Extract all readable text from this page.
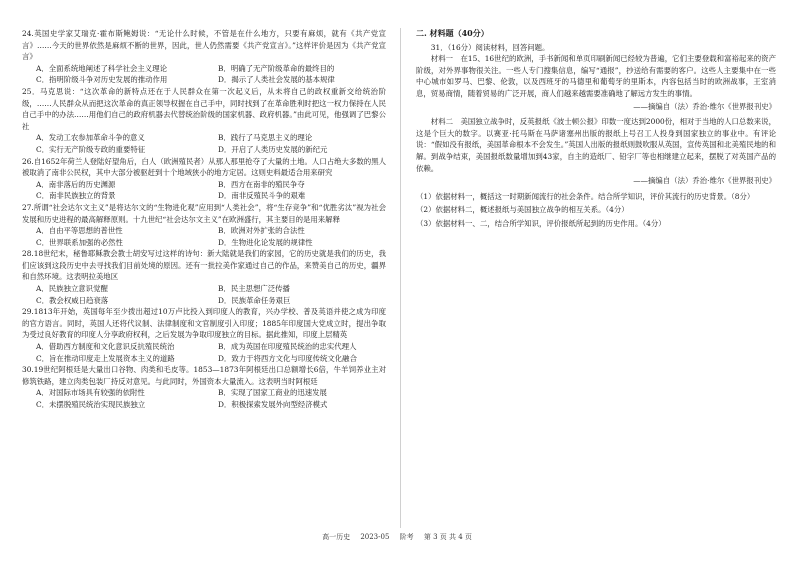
24.英国史学家艾瑞克·霍布斯鲍姆说：“无论什么时候，不管是在什么地方，只要有麻烦，就有《共产党宣言》……今天的世界依然是麻烦不断的世界，因此，世人仍然需要《共产党宣言》。”这样评价是因为《共产党宣言》

A．全面系统地阐述了科学社会主义理论	B．明确了无产阶级革命的最终目的
C．指明阶级斗争对历史发展的推动作用	D．揭示了人类社会发展的基本规律

25．马克思说：“这次革命的新特点还在于人民群众在第一次起义后，从未将自己的政权重新交给统治阶级，……人民群众从而把这次革命的真正领导权握在自己手中，同时找到了在革命胜利时把这一权力保持在人民自己手中的办法……用他们自己的政府机器去代替统治阶级的国家机器、政府机器。”由此可见，他强调了巴黎公社

A．发动工农参加革命斗争的意义	B．践行了马克思主义的理论
C．实行无产阶级专政的重要特征	D．开启了人类历史发展的新纪元

26.自1652年荷兰人登陆好望角后，白人（欧洲殖民者）从那人那里抢夺了大量的土地。人口占绝大多数的黑人被取消了南非公民权，其中大部分被驱赶到十个地域狭小的地方定居。这则史料最适合用来研究

A．南非落后的历史渊源	B．西方在南非的殖民争夺
C．南非民族独立的背景	D．南非反殖民斗争的艰难

27.所谓“社会达尔文主义”是将达尔文的“生物进化观”应用到“人类社会”，将“生存竞争”和“优胜劣汰”视为社会发展和历史进程的最高解释原则。十九世纪“社会达尔文主义”在欧洲盛行，其主要目的是用来解释

A．自由平等思想的普世性	B．欧洲对外扩张的合法性
C．世界联系加强的必然性	D．生物进化论发展的规律性

28.18世纪末，秘鲁耶稣教会教士胡安写过这样的诗句：新大陆就是我们的家园，它的历史就是我们的历史，我们应该到这段历史中去寻找我们目前处境的原因。还有一批拉美作家通过自己的作品，来赞美自己的历史，疆界和自然环境。这表明拉美地区

A．民族独立意识觉醒	B．民主思想广泛传播
C．教会权威日趋衰落	D．民族革命任务艰巨

29.1813年开始，英国每年至少拨出超过10万卢比投入到印度人的教育，兴办学校、普及英语并使之成为印度的官方语言。同时，英国人还将代议制、法律制度和文官制度引入印度；1885年印度国大党成立时，提出争取为受过良好教育的印度人分享政府权利，之后发展为争取印度独立的目标。据此推知，印度上层精英

A．借助西方制度和文化意识反抗殖民统治	B．成为英国在印度殖民统治的忠实代理人
C．旨在推动印度走上发展资本主义的道路	D．致力于将西方文化与印度传统文化融合

30.19世纪阿根廷是大量出口谷物、肉类和毛皮等。1853—1873年阿根廷出口总额增长6倍，牛羊饲养业主对修筑铁路，建立肉类包装厂持反对意见。与此同时，外国资本大量流入。这表明当时阿根廷

A．对国际市场具有较强的依附性	B．实现了国家工商业的迅速发展
C．未摆脱殖民统治实现民族独立	D．积极探索发展外向型经济模式

二. 材料题（40分）

31．（16分）阅读材料，回答问题。

材料一　在15、16世纪的欧洲，手书新闻和单页印刷新闻已经较为普遍，它们主要登载和富裕起来的资产阶级，对外界事物很关注。一些人专门搜集信息，编写“通报”，抄送给有需要的客户。这些人主要集中在一些中心城市如罗马、巴黎、伦敦，以及西班牙的马德里和葡萄牙的里斯本，内容包括当时的欧洲战事，王室消息，贸易商情，随着贸易的广泛开展，商人们越来越需要准确地了解远方发生的事情。

——摘编自（法）乔治·维尔《世界报刊史》

材料二　美国独立战争时，反英报纸《波士顿公报》印数一度达到2000份，相对于当地的人口总数来说，这是个巨大的数字。以赛亚·托马斯在马萨诸塞州出版的报纸上号召工人投身到国家独立的事业中。有评论说：“假如没有报纸，美国革命根本不会发生。”英国人出版的报纸则鼓吹服从英国，宣传英国和北美殖民地的和解。到战争结束，美国报纸数量增加到43家，自主的造纸厂、铅字厂等也相继建立起来，摆脱了对英国产品的依赖。

——摘编自（法）乔治·维尔《世界报刊史》

（1）依据材料一，概括这一时期新闻流行的社会条件。结合所学知识，评价其流行的历史背景。（8分）

（2）依据材料二，概述报纸与美国独立战争的相互关系。（4分）

（3）依据材料一、二，结合所学知识，评价报纸所起到的历史作用。（4分）

高一历史 2023-05 阶考 第 3 页 共 4 页
